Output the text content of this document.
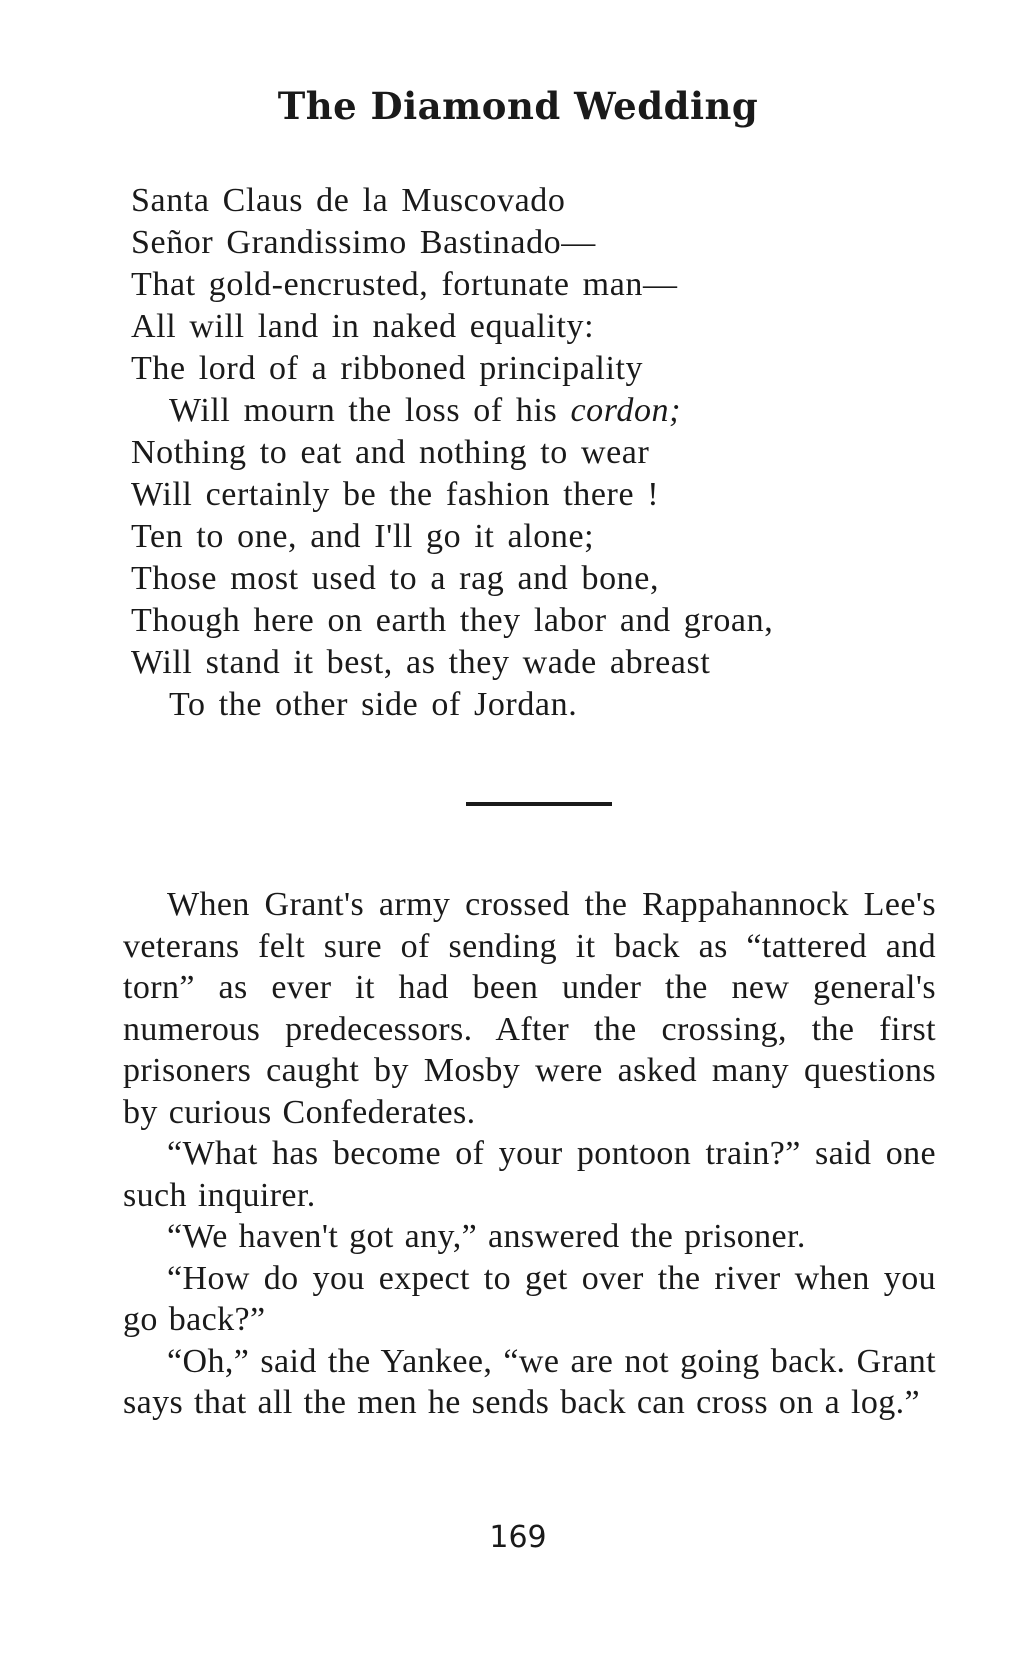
The Diamond Wedding
Santa Claus de la Muscovado
Señor Grandissimo Bastinado—
That gold-encrusted, fortunate man—
All will land in naked equality:
The lord of a ribboned principality
Will mourn the loss of his cordon;
Nothing to eat and nothing to wear
Will certainly be the fashion there !
Ten to one, and I'll go it alone;
Those most used to a rag and bone,
Though here on earth they labor and groan,
Will stand it best, as they wade abreast
To the other side of Jordan.

When Grant's army crossed the Rappahannock Lee's veterans felt sure of sending it back as “tattered and torn” as ever it had been under the new general's numerous predecessors. After the crossing, the first prisoners caught by Mosby were asked many questions by curious Confederates.

“What has become of your pontoon train?” said one such inquirer.

“We haven't got any,” answered the prisoner.

“How do you expect to get over the river when you go back?”

“Oh,” said the Yankee, “we are not going back. Grant says that all the men he sends back can cross on a log.”

169
